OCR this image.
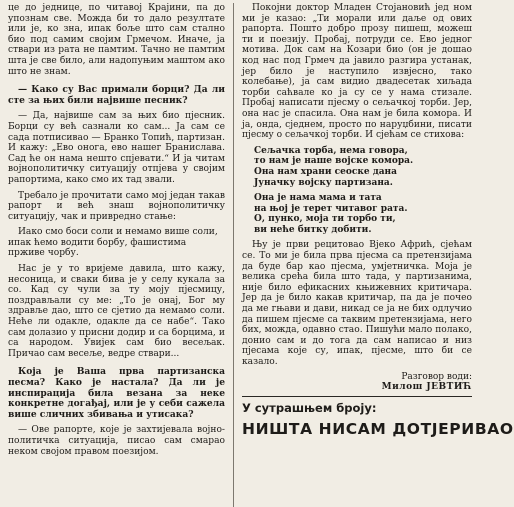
це до једнице, по читавој Крајини, па до упознам све. Можда би то дало резултате или је, ко зна, ипак боље што сам стално био под самим својим Грмечом. Иначе, ја ствари из рата не памтим. Тачно не памтим шта је све било, али надопуњим маштом ако што не знам.

— Како су Вас примали борци? Да ли сте за њих били највише песник?

— Да, највише сам за њих био пјесник. Борци су већ сазнали ко сам... Ја сам се сада потписивао — Бранко Топић, партизан. И кажу: „Ево онога, ево нашег Бранислава. Сад ће он нама нешто спјевати.“ И ја читам војнополитичку ситуацију отпјева у својим рапортима, како смо их тад звали.

Требало је прочитати само мој један такав рапорт и већ знаш војнополитичку ситуацију, чак и привредно стање:

Иако смо боси соли и немамо више соли,

ипак ћемо водити борбу, фашистима

прживе чорбу.

Нас је у то вријеме давила, што кажу, несоница, и сваки бива је у селу кукала за со. Кад су чули за ту моју пјесмицу, поздрављали су ме: „То је онај, Бог му здравље дао, што се сјетио да немамо соли. Неће ли одакле, одакле да се набе“. Тако сам долазио у присни додир и са борцима, и са народом. Увијек сам био весељак. Причао сам весеље, ведре ствари...

Која је Ваша прва партизанска песма? Како је настала? Да ли је инспирација била везана за неке конкретне догађај, или је у себи сажела више сличних збивања и утисака?

— Ове рапорте, које је захтијевала војно-политичка ситуација, писао сам смарао неком својом правом поезијом.

Покојни доктор Младен Стојановић јед ном ми је казао: „Ти морали или даље од ових рапорта. Пошто добро прозу пишеш, можеш ти и поезију. Пробај, потруди се. Ево једног мотива. Док сам на Козари био (он је дошао код нас под Грмеч да јавило разгира устанак, јер било је наступило извјесно, тако колебање), ја сам видио двадесетак хиљада торби саћвале ко ја су се у нама стизале. Пробај написати пјесму о сељачкој торби. Јер, она нас је спасила. Она нам је била комора. И ја, онда, сједнем, просто по наруџбини, писати пјесму о сељачкој торби. И сјећам се стихова:

Сељачка торба, нема говора,
то нам је наше војске комора.
Она нам храни сеоске дана
Јуначку војску партизана.
Она је нама мама и тата
на њој је терет читавог рата.
О, пунко, моја ти торбо ти,
ви неће битку добити.

Њу је први рецитовао Вјеко Афрић, сјећам се. То ми је била прва пјесма са претензијама да буде бар као пјесма, умјетничка. Моја је велика срећа била што тада, у партизанима, није било ефикасних књижевних критичара. Јер да је било какав критичар, па да је почео да ме гњави и дави, никад се ја не бих одлучио да пишем пјесме са таквим претензијама, него бих, можда, одавно стао. Пишући мало полако, донио сам и до тога да сам написао и низ пјесама које су, ипак, пјесме, што би се казало.

Разговор води:
Милош ЈЕВТИЋ
У сутрашњем броју:
НИШТА НИСАМ ДОТЈЕРИВАО
